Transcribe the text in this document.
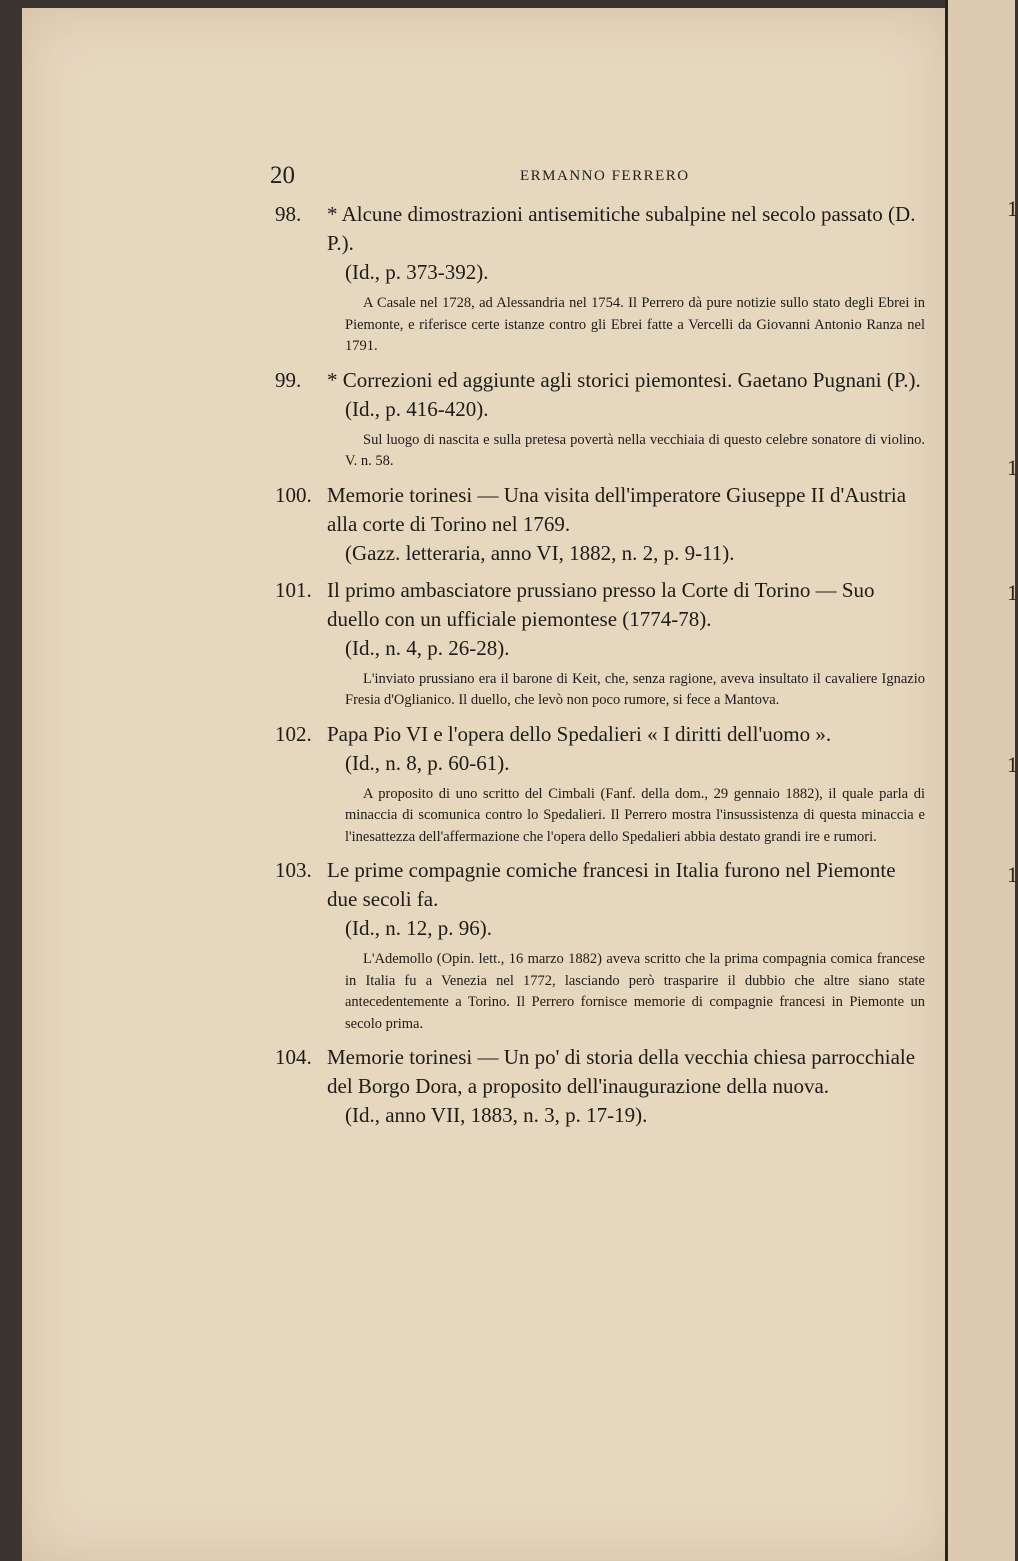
1
1
1
1
1
20	ERMANNO FERRERO

98. * Alcune dimostrazioni antisemitiche subalpine nel secolo passato (D. P.).

(Id., p. 373-392).

A Casale nel 1728, ad Alessandria nel 1754. Il Perrero dà pure notizie sullo stato degli Ebrei in Piemonte, e riferisce certe istanze contro gli Ebrei fatte a Vercelli da Giovanni Antonio Ranza nel 1791.

99. * Correzioni ed aggiunte agli storici piemontesi. Gaetano Pugnani (P.).

(Id., p. 416-420).

Sul luogo di nascita e sulla pretesa povertà nella vecchiaia di questo celebre sonatore di violino. V. n. 58.

100. Memorie torinesi — Una visita dell'imperatore Giuseppe II d'Austria alla corte di Torino nel 1769.

(Gazz. letteraria, anno VI, 1882, n. 2, p. 9-11).

101. Il primo ambasciatore prussiano presso la Corte di Torino — Suo duello con un ufficiale piemontese (1774-78).

(Id., n. 4, p. 26-28).

L'inviato prussiano era il barone di Keit, che, senza ragione, aveva insultato il cavaliere Ignazio Fresia d'Oglianico. Il duello, che levò non poco rumore, si fece a Mantova.

102. Papa Pio VI e l'opera dello Spedalieri « I diritti dell'uomo ».

(Id., n. 8, p. 60-61).

A proposito di uno scritto del Cimbali (Fanf. della dom., 29 gennaio 1882), il quale parla di minaccia di scomunica contro lo Spedalieri. Il Perrero mostra l'insussistenza di questa minaccia e l'inesattezza dell'affermazione che l'opera dello Spedalieri abbia destato grandi ire e rumori.

103. Le prime compagnie comiche francesi in Italia furono nel Piemonte due secoli fa.

(Id., n. 12, p. 96).

L'Ademollo (Opin. lett., 16 marzo 1882) aveva scritto che la prima compagnia comica francese in Italia fu a Venezia nel 1772, lasciando però trasparire il dubbio che altre siano state antecedentemente a Torino. Il Perrero fornisce memorie di compagnie francesi in Piemonte un secolo prima.

104. Memorie torinesi — Un po' di storia della vecchia chiesa parrocchiale del Borgo Dora, a proposito dell'inaugurazione della nuova.

(Id., anno VII, 1883, n. 3, p. 17-19).
